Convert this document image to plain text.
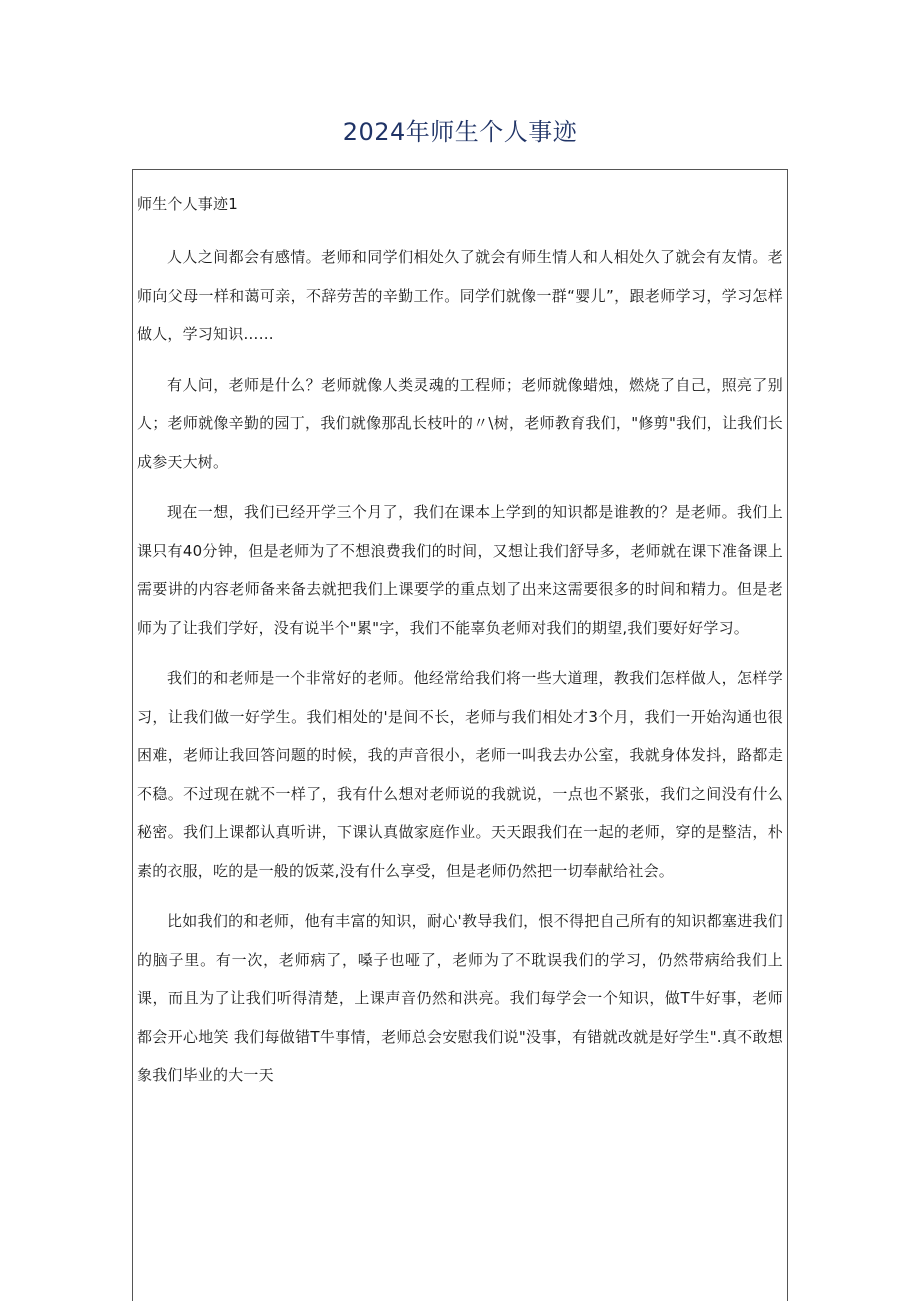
2024年师生个人事迹
师生个人事迹1

人人之间都会有感情。老师和同学们相处久了就会有师生情人和人相处久了就会有友情。老师向父母一样和蔼可亲，不辞劳苦的辛勤工作。同学们就像一群“婴儿”，跟老师学习，学习怎样做人，学习知识……

有人问，老师是什么？老师就像人类灵魂的工程师；老师就像蜡烛，燃烧了自己，照亮了别人；老师就像辛勤的园丁，我们就像那乱长枝叶的〃\树，老师教育我们，"修剪"我们，让我们长成参天大树。

现在一想，我们已经开学三个月了，我们在课本上学到的知识都是谁教的？是老师。我们上课只有40分钟，但是老师为了不想浪费我们的时间，又想让我们舒导多，老师就在课下准备课上需要讲的内容老师备来备去就把我们上课要学的重点划了出来这需要很多的时间和精力。但是老师为了让我们学好，没有说半个"累"字，我们不能辜负老师对我们的期望,我们要好好学习。

我们的和老师是一个非常好的老师。他经常给我们将一些大道理，教我们怎样做人，怎样学习，让我们做一好学生。我们相处的'是间不长，老师与我们相处才3个月，我们一开始沟通也很困难，老师让我回答问题的时候，我的声音很小，老师一叫我去办公室，我就身体发抖，路都走不稳。不过现在就不一样了，我有什么想对老师说的我就说，一点也不紧张，我们之间没有什么秘密。我们上课都认真听讲，下课认真做家庭作业。天天跟我们在一起的老师，穿的是整洁，朴素的衣服，吃的是一般的饭菜,没有什么享受，但是老师仍然把一切奉献给社会。

比如我们的和老师，他有丰富的知识，耐心'教导我们，恨不得把自己所有的知识都塞进我们的脑子里。有一次，老师病了，嗓子也哑了，老师为了不耽误我们的学习，仍然带病给我们上课，而且为了让我们听得清楚，上课声音仍然和洪亮。我们每学会一个知识，做T牛好事，老师都会开心地笑 我们每做错T牛事情，老师总会安慰我们说"没事，有错就改就是好学生".真不敢想象我们毕业的大一天
